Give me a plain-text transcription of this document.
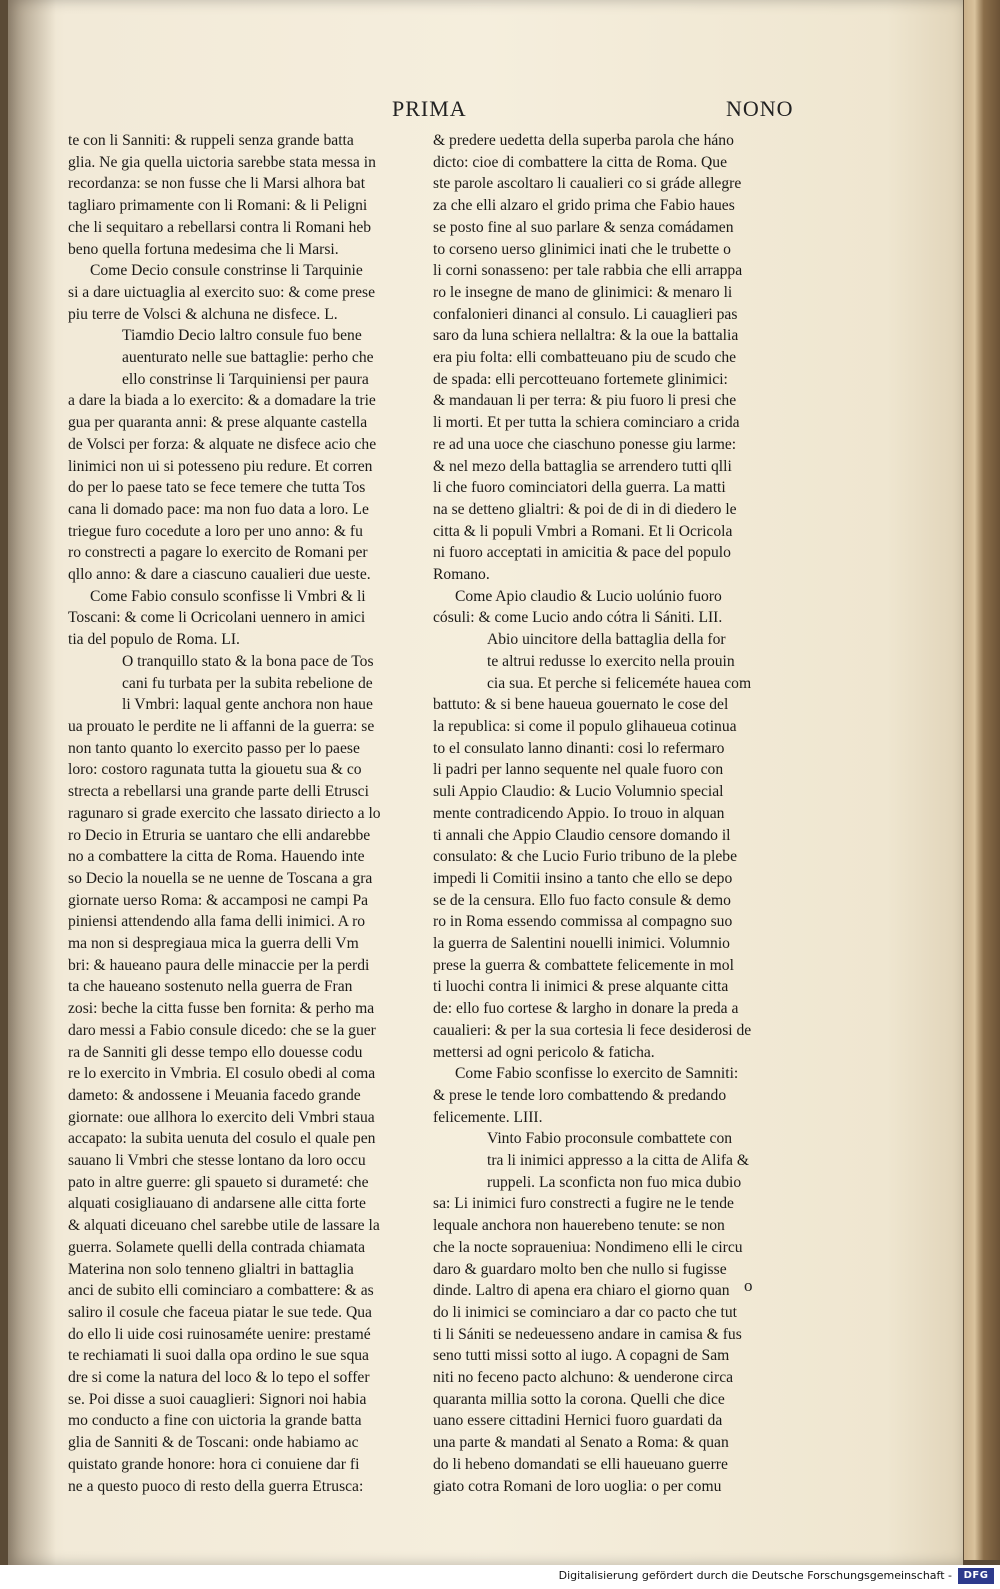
PRIMA	NONO
te con li Sanniti: & ruppeli senza grande batta
glia. Ne gia quella uictoria sarebbe stata messa in
recordanza: se non fusse che li Marsi alhora bat
tagliaro primamente con li Romani: & li Peligni
che li sequitaro a rebellarsi contra li Romani heb
beno quella fortuna medesima che li Marsi.
Come Decio consule constrinse li Tarquinie
si a dare uictuaglia al exercito suo: & come prese
piu terre de Volsci & alchuna ne disfece. L.
Tiamdio Decio laltro consule fuo bene
auenturato nelle sue battaglie: perho che
ello constrinse li Tarquiniensi per paura
a dare la biada a lo exercito: & a domadare la trie
gua per quaranta anni: & prese alquante castella
de Volsci per forza: & alquate ne disfece acio che
linimici non ui si potesseno piu redure. Et corren
do per lo paese tato se fece temere che tutta Tos
cana li domado pace: ma non fuo data a loro. Le
triegue furo cocedute a loro per uno anno: & fu
ro constrecti a pagare lo exercito de Romani per
qllo anno: & dare a ciascuno caualieri due ueste.
Come Fabio consulo sconfisse li Vmbri & li
Toscani: & come li Ocricolani uennero in amici
tia del populo de Roma. LI.
O tranquillo stato & la bona pace de Tos
cani fu turbata per la subita rebelione de
li Vmbri: laqual gente anchora non haue
ua prouato le perdite ne li affanni de la guerra: se
non tanto quanto lo exercito passo per lo paese
loro: costoro ragunata tutta la giouetu sua & co
strecta a rebellarsi una grande parte delli Etrusci
ragunaro si grade exercito che lassato diriecto a lo
ro Decio in Etruria se uantaro che elli andarebbe
no a combattere la citta de Roma. Hauendo inte
so Decio la nouella se ne uenne de Toscana a gra
giornate uerso Roma: & accamposi ne campi Pa
piniensi attendendo alla fama delli inimici. A ro
ma non si despregiaua mica la guerra delli Vm
bri: & haueano paura delle minaccie per la perdi
ta che haueano sostenuto nella guerra de Fran
zosi: beche la citta fusse ben fornita: & perho ma
daro messi a Fabio consule dicedo: che se la guer
ra de Sanniti gli desse tempo ello douesse codu
re lo exercito in Vmbria. El cosulo obedi al coma
dameto: & andossene i Meuania facedo grande
giornate: oue allhora lo exercito deli Vmbri staua
accapato: la subita uenuta del cosulo el quale pen
sauano li Vmbri che stesse lontano da loro occu
pato in altre guerre: gli spaueto si durameté: che
alquati cosigliauano di andarsene alle citta forte
& alquati diceuano chel sarebbe utile de lassare la
guerra. Solamete quelli della contrada chiamata
Materina non solo tenneno glialtri in battaglia
anci de subito elli cominciaro a combattere: & as
saliro il cosule che faceua piatar le sue tede. Qua
do ello li uide cosi ruinosaméte uenire: prestamé
te rechiamati li suoi dalla opa ordino le sue squa
dre si come la natura del loco & lo tepo el soffer
se. Poi disse a suoi cauaglieri: Signori noi habia
mo conducto a fine con uictoria la grande batta
glia de Sanniti & de Toscani: onde habiamo ac
quistato grande honore: hora ci conuiene dar fi
ne a questo puoco di resto della guerra Etrusca:
& predere uedetta della superba parola che háno
dicto: cioe di combattere la citta de Roma. Que
ste parole ascoltaro li caualieri co si gráde allegre
za che elli alzaro el grido prima che Fabio haues
se posto fine al suo parlare & senza comádamen
to corseno uerso glinimici inati che le trubette o
li corni sonasseno: per tale rabbia che elli arrappa
ro le insegne de mano de glinimici: & menaro li
confalonieri dinanci al consulo. Li cauaglieri pas
saro da luna schiera nellaltra: & la oue la battalia
era piu folta: elli combatteuano piu de scudo che
de spada: elli percotteuano fortemete glinimici:
& mandauan li per terra: & piu fuoro li presi che
li morti. Et per tutta la schiera cominciaro a crida
re ad una uoce che ciaschuno ponesse giu larme:
& nel mezo della battaglia se arrendero tutti qlli
li che fuoro cominciatori della guerra. La matti
na se detteno glialtri: & poi de di in di diedero le
citta & li populi Vmbri a Romani. Et li Ocricola
ni fuoro acceptati in amicitia & pace del populo
Romano.
Come Apio claudio & Lucio uolúnio fuoro
cósuli: & come Lucio ando cótra li Sániti. LII.
Abio uincitore della battaglia della for
te altrui redusse lo exercito nella prouin
cia sua. Et perche si feliceméte hauea com
battuto: & si bene haueua gouernato le cose del
la republica: si come il populo glihaueua cotinua
to el consulato lanno dinanti: cosi lo refermaro
li padri per lanno sequente nel quale fuoro con
suli Appio Claudio: & Lucio Volumnio special
mente contradicendo Appio. Io trouo in alquan
ti annali che Appio Claudio censore domando il
consulato: & che Lucio Furio tribuno de la plebe
impedi li Comitii insino a tanto che ello se depo
se de la censura. Ello fuo facto consule & demo
ro in Roma essendo commissa al compagno suo
la guerra de Salentini nouelli inimici. Volumnio
prese la guerra & combattete felicemente in mol
ti luochi contra li inimici & prese alquante citta
de: ello fuo cortese & largho in donare la preda a
caualieri: & per la sua cortesia li fece desiderosi de
mettersi ad ogni pericolo & faticha.
Come Fabio sconfisse lo exercito de Samniti:
& prese le tende loro combattendo & predando
felicemente. LIII.
Vinto Fabio proconsule combattete con
tra li inimici appresso a la citta de Alifa &
ruppeli. La sconficta non fuo mica dubio
sa: Li inimici furo constrecti a fugire ne le tende
lequale anchora non hauerebeno tenute: se non
che la nocte sopraueniua: Nondimeno elli le circu
daro & guardaro molto ben che nullo si fugisse
dinde. Laltro di apena era chiaro el giorno quan
do li inimici se cominciaro a dar co pacto che tut
ti li Sániti se nedeuesseno andare in camisa & fus
seno tutti missi sotto al iugo. A copagni de Sam
niti no feceno pacto alchuno: & uenderone circa
quaranta millia sotto la corona. Quelli che dice
uano essere cittadini Hernici fuoro guardati da
una parte & mandati al Senato a Roma: & quan
do li hebeno domandati se elli haueuano guerre
giato cotra Romani de loro uoglia: o per comu
o
Digitalisierung gefördert durch die Deutsche Forschungsgemeinschaft -	DFG
